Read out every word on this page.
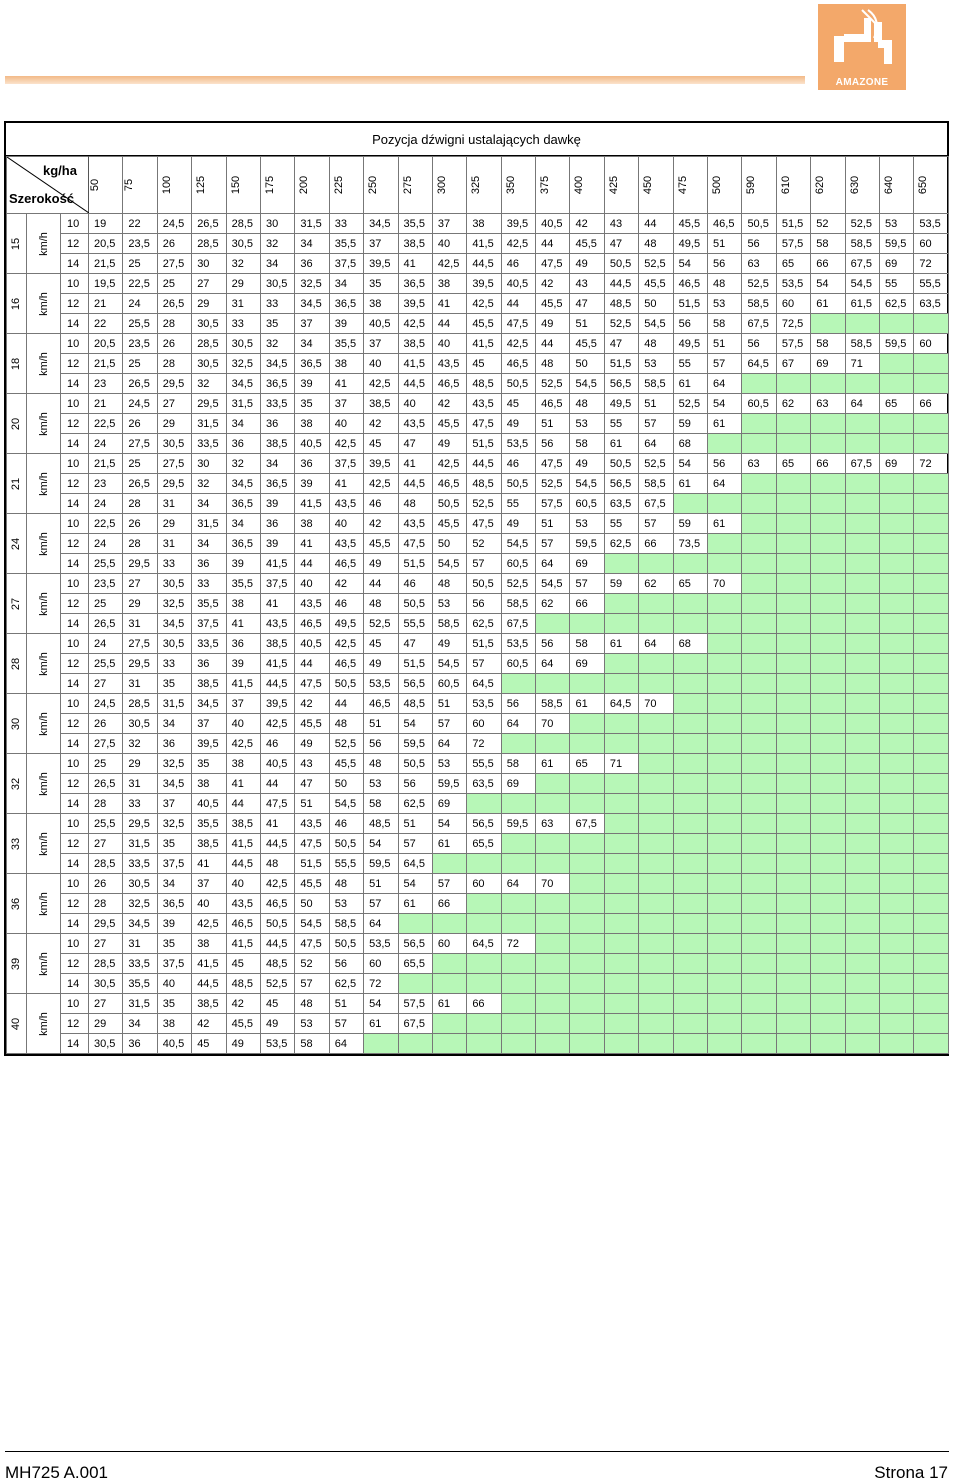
AMAZONE
Pozycja dźwigni ustalających dawkę
kg/ha
Szerokość			50	75	100	125	150	175	200	225	250	275	300	325	350	375	400	425	450	475	500	590	610	620	630	640	650
15	km/h	10	19	22	24,5	26,5	28,5	30	31,5	33	34,5	35,5	37	38	39,5	40,5	42	43	44	45,5	46,5	50,5	51,5	52	52,5	53	53,5
		12	20,5	23,5	26	28,5	30,5	32	34	35,5	37	38,5	40	41,5	42,5	44	45,5	47	48	49,5	51	56	57,5	58	58,5	59,5	60
		14	21,5	25	27,5	30	32	34	36	37,5	39,5	41	42,5	44,5	46	47,5	49	50,5	52,5	54	56	63	65	66	67,5	69	72
16	km/h	10	19,5	22,5	25	27	29	30,5	32,5	34	35	36,5	38	39,5	40,5	42	43	44,5	45,5	46,5	48	52,5	53,5	54	54,5	55	55,5
		12	21	24	26,5	29	31	33	34,5	36,5	38	39,5	41	42,5	44	45,5	47	48,5	50	51,5	53	58,5	60	61	61,5	62,5	63,5
		14	22	25,5	28	30,5	33	35	37	39	40,5	42,5	44	45,5	47,5	49	51	52,5	54,5	56	58	67,5	72,5				
18	km/h	10	20,5	23,5	26	28,5	30,5	32	34	35,5	37	38,5	40	41,5	42,5	44	45,5	47	48	49,5	51	56	57,5	58	58,5	59,5	60
		12	21,5	25	28	30,5	32,5	34,5	36,5	38	40	41,5	43,5	45	46,5	48	50	51,5	53	55	57	64,5	67	69	71		
		14	23	26,5	29,5	32	34,5	36,5	39	41	42,5	44,5	46,5	48,5	50,5	52,5	54,5	56,5	58,5	61	64						
20	km/h	10	21	24,5	27	29,5	31,5	33,5	35	37	38,5	40	42	43,5	45	46,5	48	49,5	51	52,5	54	60,5	62	63	64	65	66
		12	22,5	26	29	31,5	34	36	38	40	42	43,5	45,5	47,5	49	51	53	55	57	59	61						
		14	24	27,5	30,5	33,5	36	38,5	40,5	42,5	45	47	49	51,5	53,5	56	58	61	64	68							
21	km/h	10	21,5	25	27,5	30	32	34	36	37,5	39,5	41	42,5	44,5	46	47,5	49	50,5	52,5	54	56	63	65	66	67,5	69	72
		12	23	26,5	29,5	32	34,5	36,5	39	41	42,5	44,5	46,5	48,5	50,5	52,5	54,5	56,5	58,5	61	64						
		14	24	28	31	34	36,5	39	41,5	43,5	46	48	50,5	52,5	55	57,5	60,5	63,5	67,5								
24	km/h	10	22,5	26	29	31,5	34	36	38	40	42	43,5	45,5	47,5	49	51	53	55	57	59	61						
		12	24	28	31	34	36,5	39	41	43,5	45,5	47,5	50	52	54,5	57	59,5	62,5	66	73,5							
		14	25,5	29,5	33	36	39	41,5	44	46,5	49	51,5	54,5	57	60,5	64	69										
27	km/h	10	23,5	27	30,5	33	35,5	37,5	40	42	44	46	48	50,5	52,5	54,5	57	59	62	65	70						
		12	25	29	32,5	35,5	38	41	43,5	46	48	50,5	53	56	58,5	62	66										
		14	26,5	31	34,5	37,5	41	43,5	46,5	49,5	52,5	55,5	58,5	62,5	67,5												
28	km/h	10	24	27,5	30,5	33,5	36	38,5	40,5	42,5	45	47	49	51,5	53,5	56	58	61	64	68							
		12	25,5	29,5	33	36	39	41,5	44	46,5	49	51,5	54,5	57	60,5	64	69										
		14	27	31	35	38,5	41,5	44,5	47,5	50,5	53,5	56,5	60,5	64,5													
30	km/h	10	24,5	28,5	31,5	34,5	37	39,5	42	44	46,5	48,5	51	53,5	56	58,5	61	64,5	70								
		12	26	30,5	34	37	40	42,5	45,5	48	51	54	57	60	64	70											
		14	27,5	32	36	39,5	42,5	46	49	52,5	56	59,5	64	72													
32	km/h	10	25	29	32,5	35	38	40,5	43	45,5	48	50,5	53	55,5	58	61	65	71									
		12	26,5	31	34,5	38	41	44	47	50	53	56	59,5	63,5	69												
		14	28	33	37	40,5	44	47,5	51	54,5	58	62,5	69														
33	km/h	10	25,5	29,5	32,5	35,5	38,5	41	43,5	46	48,5	51	54	56,5	59,5	63	67,5										
		12	27	31,5	35	38,5	41,5	44,5	47,5	50,5	54	57	61	65,5													
		14	28,5	33,5	37,5	41	44,5	48	51,5	55,5	59,5	64,5															
36	km/h	10	26	30,5	34	37	40	42,5	45,5	48	51	54	57	60	64	70											
		12	28	32,5	36,5	40	43,5	46,5	50	53	57	61	66														
		14	29,5	34,5	39	42,5	46,5	50,5	54,5	58,5	64																
39	km/h	10	27	31	35	38	41,5	44,5	47,5	50,5	53,5	56,5	60	64,5	72												
		12	28,5	33,5	37,5	41,5	45	48,5	52	56	60	65,5															
		14	30,5	35,5	40	44,5	48,5	52,5	57	62,5	72																
40	km/h	10	27	31,5	35	38,5	42	45	48	51	54	57,5	61	66													
		12	29	34	38	42	45,5	49	53	57	61	67,5															
		14	30,5	36	40,5	45	49	53,5	58	64																	
MH725 A.001	Strona 17
